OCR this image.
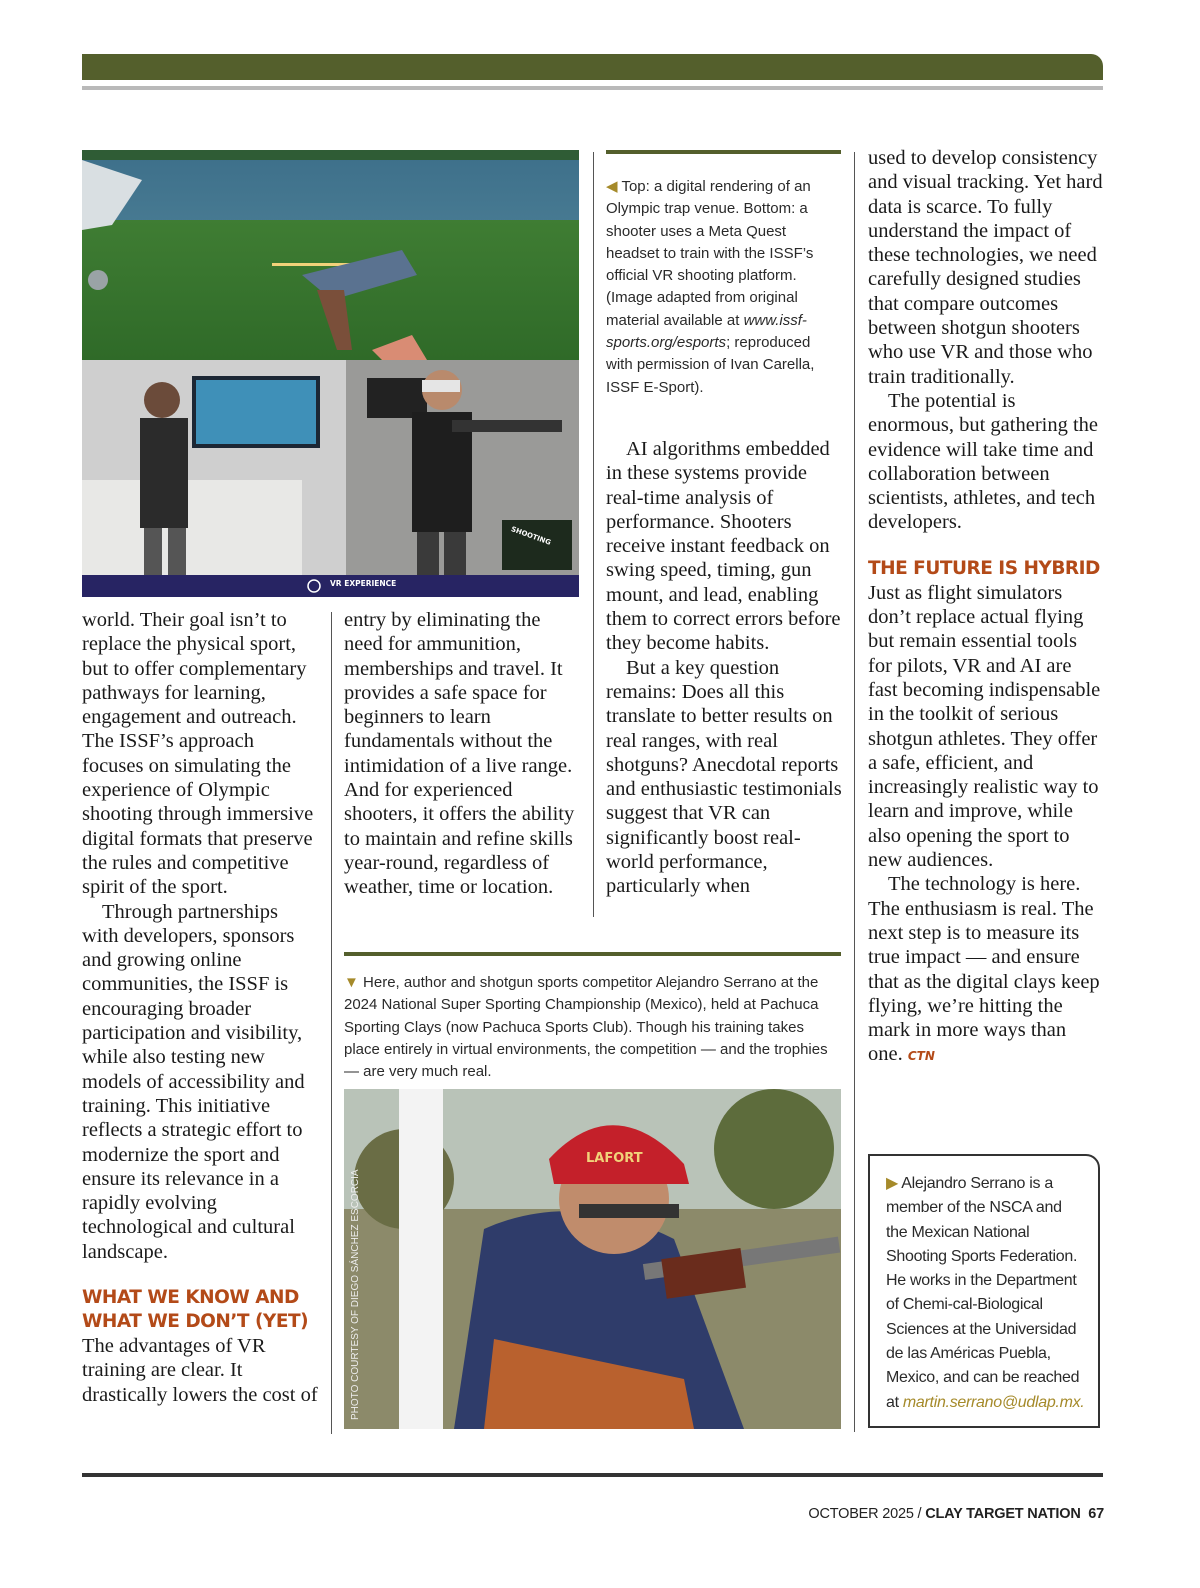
VR EXPERIENCE
SHOOTING
◀ Top: a digital rendering of an Olympic trap venue. Bottom: a shooter uses a Meta Quest headset to train with the ISSF’s official VR shooting platform. (Image adapted from original material available at www.issf-sports.org/esports; reproduced with permission of Ivan Carella, ISSF E-Sport).

world. Their goal isn’t to replace the physical sport, but to offer complementary pathways for learning, engagement and outreach. The ISSF’s approach focuses on simulating the experience of Olympic shooting through immersive digital formats that preserve the rules and competitive spirit of the sport.

Through partnerships with developers, sponsors and growing online communities, the ISSF is encouraging broader participation and visibility, while also testing new models of accessibility and training. This initiative reflects a strategic effort to modernize the sport and ensure its relevance in a rapidly evolving technological and cultural landscape.

WHAT WE KNOW AND WHAT WE DON’T (YET)

The advantages of VR training are clear. It drastically lowers the cost of

entry by eliminating the need for ammunition, memberships and travel. It provides a safe space for beginners to learn fundamentals without the intimidation of a live range. And for experienced shooters, it offers the ability to maintain and refine skills year-round, regardless of weather, time or location.

AI algorithms embedded in these systems provide real-time analysis of performance. Shooters receive instant feedback on swing speed, timing, gun mount, and lead, enabling them to correct errors before they become habits.

But a key question remains: Does all this translate to better results on real ranges, with real shotguns? Anecdotal reports and enthusiastic testimonials suggest that VR can significantly boost real-world performance, particularly when

used to develop consistency and visual tracking. Yet hard data is scarce. To fully understand the impact of these technologies, we need carefully designed studies that compare outcomes between shotgun shooters who use VR and those who train traditionally.

The potential is enormous, but gathering the evidence will take time and collaboration between scientists, athletes, and tech developers.

THE FUTURE IS HYBRID

Just as flight simulators don’t replace actual flying but remain essential tools for pilots, VR and AI are fast becoming indispensable in the toolkit of serious shotgun athletes. They offer a safe, efficient, and increasingly realistic way to learn and improve, while also opening the sport to new audiences.

The technology is here. The enthusiasm is real. The next step is to measure its true impact — and ensure that as the digital clays keep flying, we’re hitting the mark in more ways than one. CTN

▼ Here, author and shotgun sports competitor Alejandro Serrano at the 2024 National Super Sporting Championship (Mexico), held at Pachuca Sporting Clays (now Pachuca Sports Club). Though his training takes place entirely in virtual environments, the competition — and the trophies — are very much real.
LAFORT
PHOTO COURTESY OF DIEGO SÁNCHEZ ESCORCIA	▶ Alejandro Serrano is a member of the NSCA and the Mexican National Shooting Sports Federation. He works in the Department of Chemi-cal-Biological Sciences at the Universidad de las Américas Puebla, Mexico, and can be reached at martin.serrano@udlap.mx.
OCTOBER 2025 / CLAY TARGET NATION 67
